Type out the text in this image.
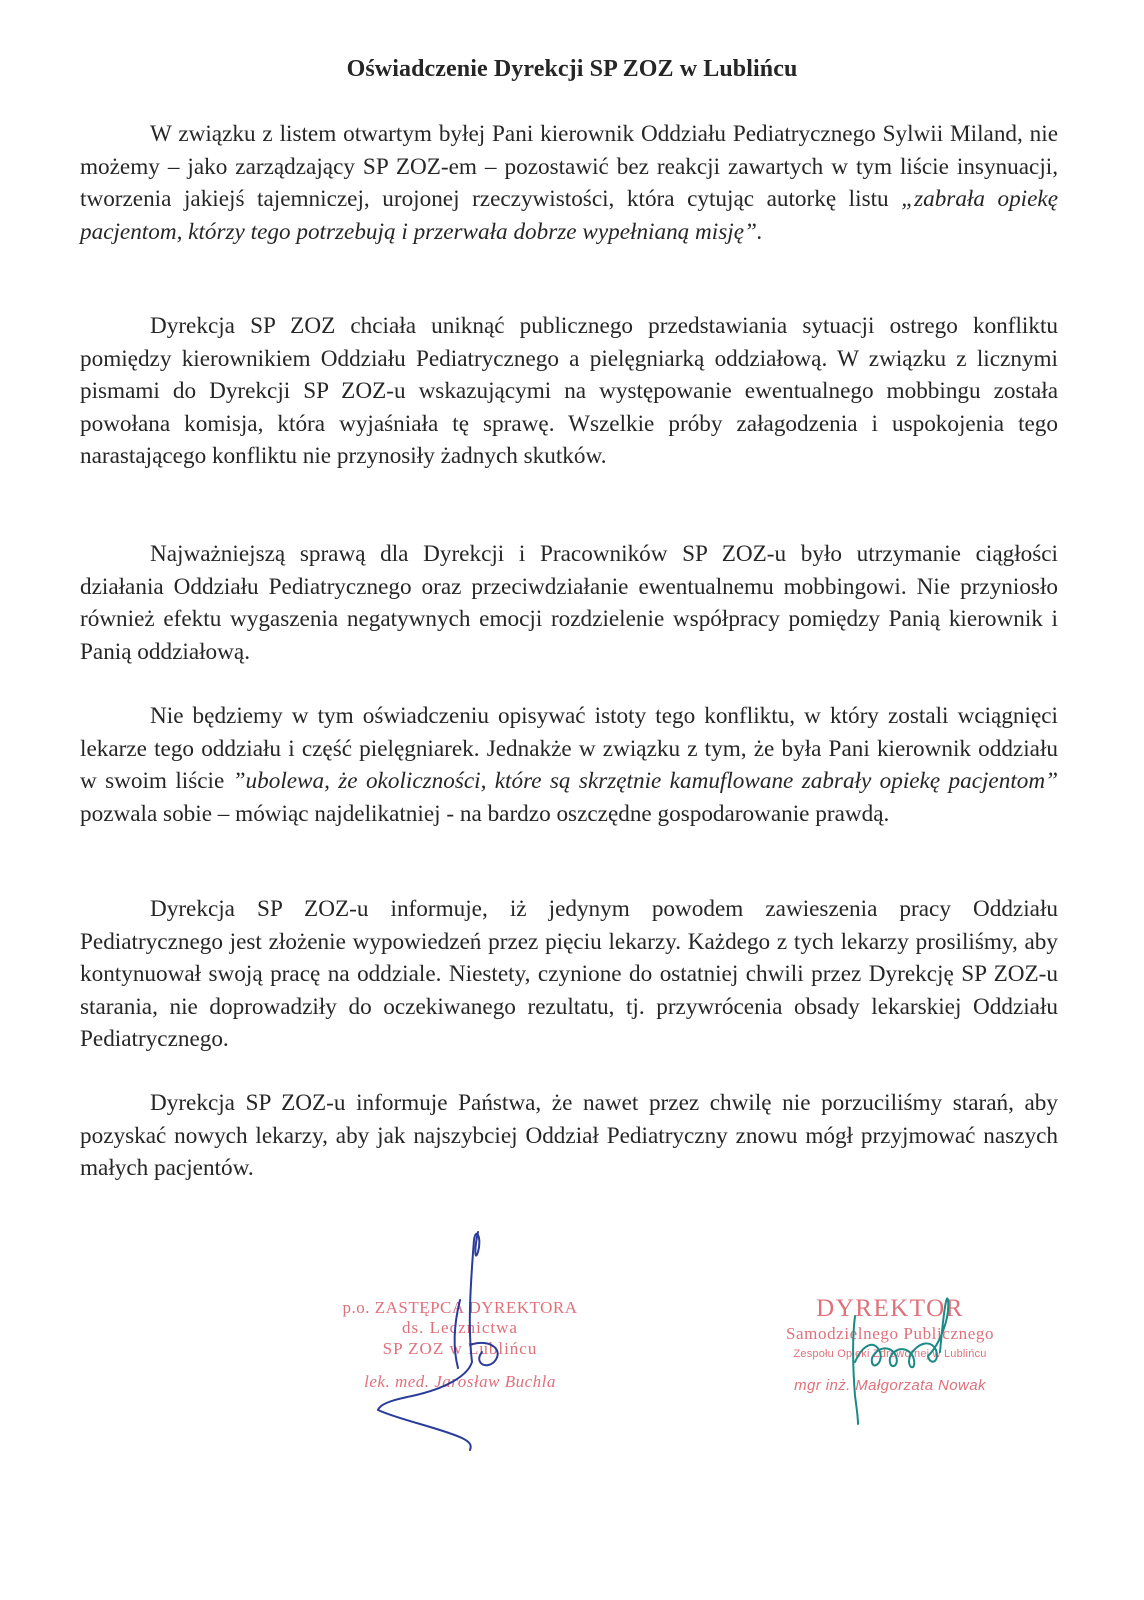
Oświadczenie Dyrekcji SP ZOZ w Lublińcu
W związku z listem otwartym byłej Pani kierownik Oddziału Pediatrycznego Sylwii Miland, nie możemy – jako zarządzający SP ZOZ-em – pozostawić bez reakcji zawartych w tym liście insynuacji, tworzenia jakiejś tajemniczej, urojonej rzeczywistości, która cytując autorkę listu „zabrała opiekę pacjentom, którzy tego potrzebują i przerwała dobrze wypełnianą misję”.
Dyrekcja SP ZOZ chciała uniknąć publicznego przedstawiania sytuacji ostrego konfliktu pomiędzy kierownikiem Oddziału Pediatrycznego a pielęgniarką oddziałową. W związku z licznymi pismami do Dyrekcji SP ZOZ-u wskazującymi na występowanie ewentualnego mobbingu została powołana komisja, która wyjaśniała tę sprawę. Wszelkie próby załagodzenia i uspokojenia tego narastającego konfliktu nie przynosiły żadnych skutków.
Najważniejszą sprawą dla Dyrekcji i Pracowników SP ZOZ-u było utrzymanie ciągłości działania Oddziału Pediatrycznego oraz przeciwdziałanie ewentualnemu mobbingowi. Nie przyniosło również efektu wygaszenia negatywnych emocji rozdzielenie współpracy pomiędzy Panią kierownik i Panią oddziałową.
Nie będziemy w tym oświadczeniu opisywać istoty tego konfliktu, w który zostali wciągnięci lekarze tego oddziału i część pielęgniarek. Jednakże w związku z tym, że była Pani kierownik oddziału w swoim liście ”ubolewa, że okoliczności, które są skrzętnie kamuflowane zabrały opiekę pacjentom” pozwala sobie – mówiąc najdelikatniej - na bardzo oszczędne gospodarowanie prawdą.
Dyrekcja SP ZOZ-u informuje, iż jedynym powodem zawieszenia pracy Oddziału Pediatrycznego jest złożenie wypowiedzeń przez pięciu lekarzy. Każdego z tych lekarzy prosiliśmy, aby kontynuował swoją pracę na oddziale. Niestety, czynione do ostatniej chwili przez Dyrekcję SP ZOZ-u starania, nie doprowadziły do oczekiwanego rezultatu, tj. przywrócenia obsady lekarskiej Oddziału Pediatrycznego.
Dyrekcja SP ZOZ-u informuje Państwa, że nawet przez chwilę nie porzuciliśmy starań, aby pozyskać nowych lekarzy, aby jak najszybciej Oddział Pediatryczny znowu mógł przyjmować naszych małych pacjentów.
p.o. ZASTĘPCA DYREKTORA
ds. Lecznictwa
SP ZOZ w Lublińcu
lek. med. Jarosław Buchla
DYREKTOR
Samodzielnego Publicznego
Zespołu Opieki Zdrowotnej w Lublińcu
mgr inż. Małgorzata Nowak
